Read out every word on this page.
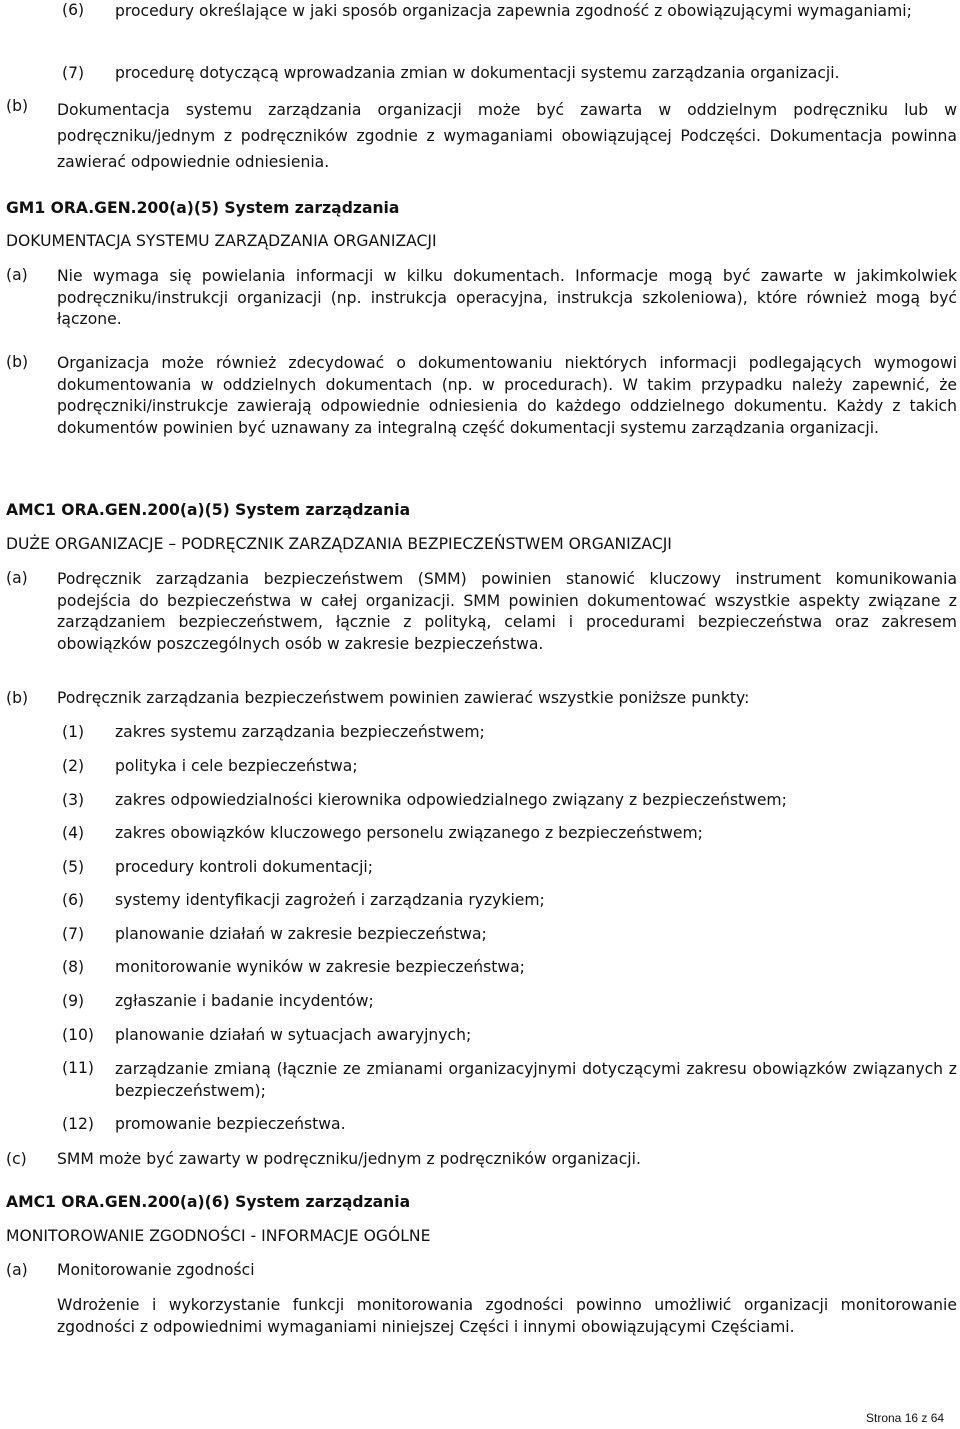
(6) procedury określające w jaki sposób organizacja zapewnia zgodność z obowiązującymi wymaganiami;
(7) procedurę dotyczącą wprowadzania zmian w dokumentacji systemu zarządzania organizacji.
(b) Dokumentacja systemu zarządzania organizacji może być zawarta w oddzielnym podręczniku lub w podręczniku/jednym z podręczników zgodnie z wymaganiami obowiązującej Podczęści. Dokumentacja powinna zawierać odpowiednie odniesienia.
GM1 ORA.GEN.200(a)(5) System zarządzania
DOKUMENTACJA SYSTEMU ZARZĄDZANIA ORGANIZACJI
(a) Nie wymaga się powielania informacji w kilku dokumentach. Informacje mogą być zawarte w jakimkolwiek podręczniku/instrukcji organizacji (np. instrukcja operacyjna, instrukcja szkoleniowa), które również mogą być łączone.
(b) Organizacja może również zdecydować o dokumentowaniu niektórych informacji podlegających wymogowi dokumentowania w oddzielnych dokumentach (np. w procedurach). W takim przypadku należy zapewnić, że podręczniki/instrukcje zawierają odpowiednie odniesienia do każdego oddzielnego dokumentu. Każdy z takich dokumentów powinien być uznawany za integralną część dokumentacji systemu zarządzania organizacji.
AMC1 ORA.GEN.200(a)(5) System zarządzania
DUŻE ORGANIZACJE – PODRĘCZNIK ZARZĄDZANIA BEZPIECZEŃSTWEM ORGANIZACJI
(a) Podręcznik zarządzania bezpieczeństwem (SMM) powinien stanowić kluczowy instrument komunikowania podejścia do bezpieczeństwa w całej organizacji. SMM powinien dokumentować wszystkie aspekty związane z zarządzaniem bezpieczeństwem, łącznie z polityką, celami i procedurami bezpieczeństwa oraz zakresem obowiązków poszczególnych osób w zakresie bezpieczeństwa.
(b) Podręcznik zarządzania bezpieczeństwem powinien zawierać wszystkie poniższe punkty:
(1) zakres systemu zarządzania bezpieczeństwem;
(2) polityka i cele bezpieczeństwa;
(3) zakres odpowiedzialności kierownika odpowiedzialnego związany z bezpieczeństwem;
(4) zakres obowiązków kluczowego personelu związanego z bezpieczeństwem;
(5) procedury kontroli dokumentacji;
(6) systemy identyfikacji zagrożeń i zarządzania ryzykiem;
(7) planowanie działań w zakresie bezpieczeństwa;
(8) monitorowanie wyników w zakresie bezpieczeństwa;
(9) zgłaszanie i badanie incydentów;
(10) planowanie działań w sytuacjach awaryjnych;
(11) zarządzanie zmianą (łącznie ze zmianami organizacyjnymi dotyczącymi zakresu obowiązków związanych z bezpieczeństwem);
(12) promowanie bezpieczeństwa.
(c) SMM może być zawarty w podręczniku/jednym z podręczników organizacji.
AMC1 ORA.GEN.200(a)(6) System zarządzania
MONITOROWANIE ZGODNOŚCI - INFORMACJE OGÓLNE
(a) Monitorowanie zgodności
Wdrożenie i wykorzystanie funkcji monitorowania zgodności powinno umożliwić organizacji monitorowanie zgodności z odpowiednimi wymaganiami niniejszej Części i innymi obowiązującymi Częściami.
Strona 16 z 64
